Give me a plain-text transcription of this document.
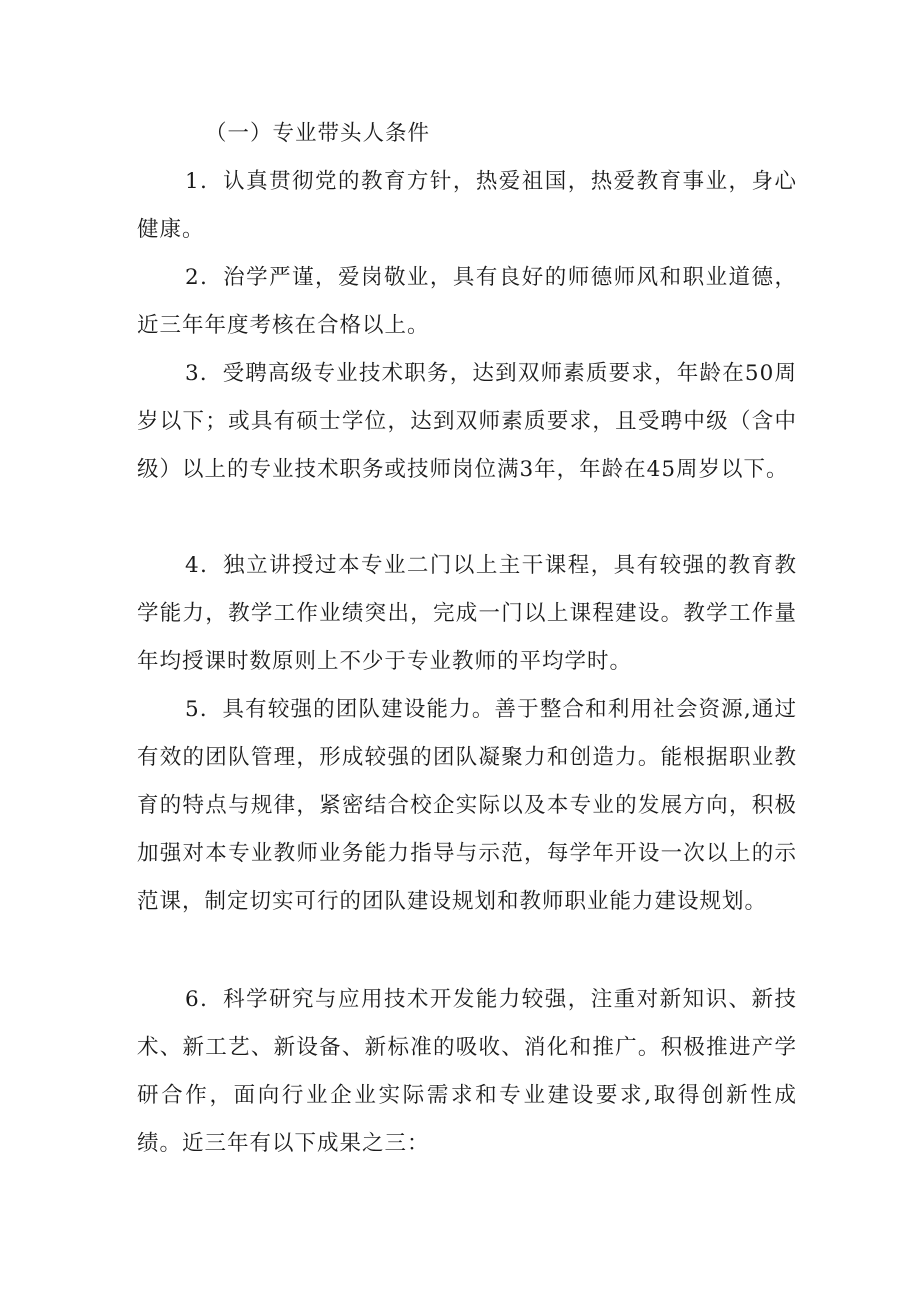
（一）专业带头人条件

1．认真贯彻党的教育方针，热爱祖国，热爱教育事业，身心健康。

2．治学严谨，爱岗敬业，具有良好的师德师风和职业道德，近三年年度考核在合格以上。

3．受聘高级专业技术职务，达到双师素质要求，年龄在50周岁以下；或具有硕士学位，达到双师素质要求，且受聘中级（含中级）以上的专业技术职务或技师岗位满3年，年龄在45周岁以下。

4．独立讲授过本专业二门以上主干课程，具有较强的教育教学能力，教学工作业绩突出，完成一门以上课程建设。教学工作量年均授课时数原则上不少于专业教师的平均学时。

5．具有较强的团队建设能力。善于整合和利用社会资源,通过有效的团队管理，形成较强的团队凝聚力和创造力。能根据职业教育的特点与规律，紧密结合校企实际以及本专业的发展方向，积极加强对本专业教师业务能力指导与示范，每学年开设一次以上的示范课，制定切实可行的团队建设规划和教师职业能力建设规划。

6．科学研究与应用技术开发能力较强，注重对新知识、新技术、新工艺、新设备、新标准的吸收、消化和推广。积极推进产学研合作，面向行业企业实际需求和专业建设要求,取得创新性成绩。近三年有以下成果之三：
